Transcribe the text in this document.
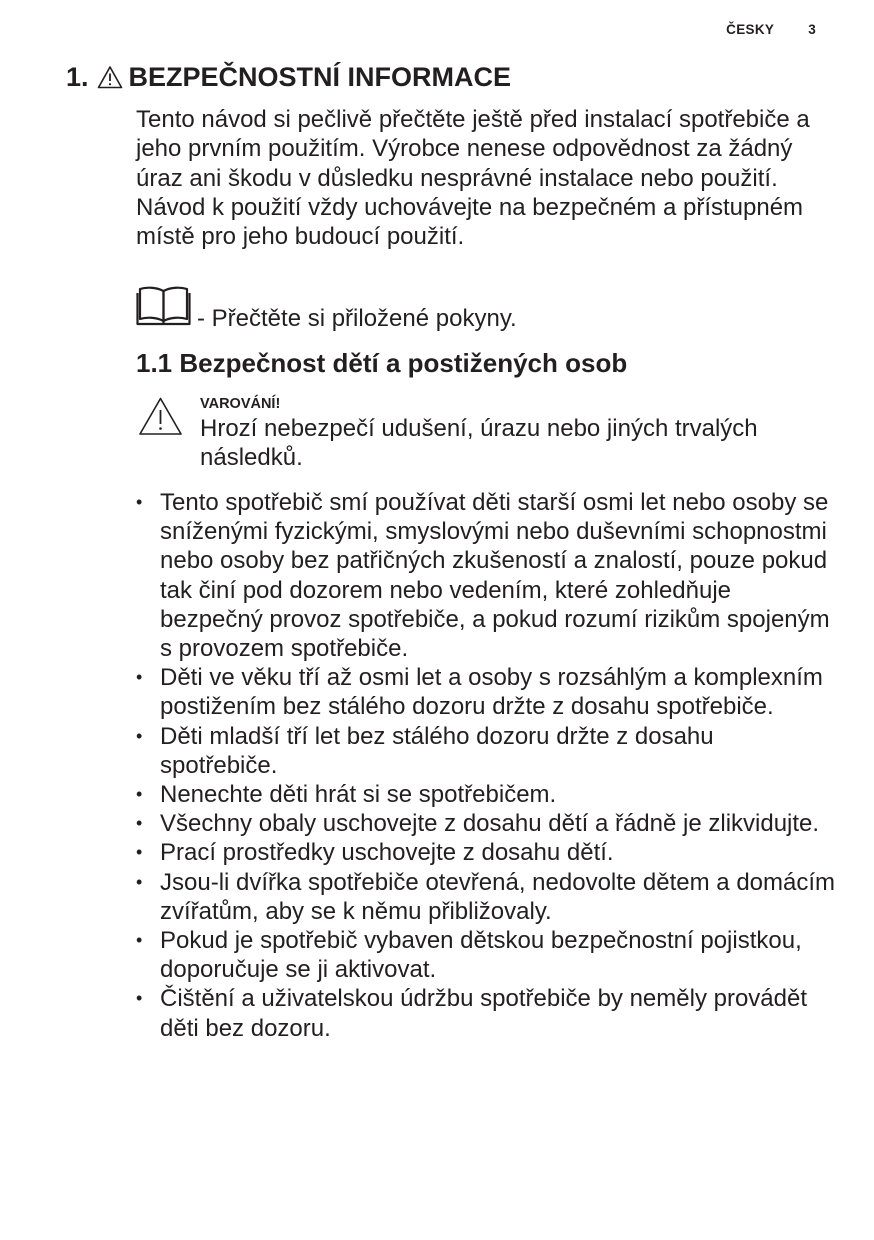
ČESKY	3
1. BEZPEČNOSTNÍ INFORMACE
Tento návod si pečlivě přečtěte ještě před instalací spotřebiče a jeho prvním použitím. Výrobce nenese odpovědnost za žádný úraz ani škodu v důsledku nesprávné instalace nebo použití. Návod k použití vždy uchovávejte na bezpečném a přístupném místě pro jeho budoucí použití.
- Přečtěte si přiložené pokyny.
1.1 Bezpečnost dětí a postižených osob
VAROVÁNÍ!
Hrozí nebezpečí udušení, úrazu nebo jiných trvalých následků.
• Tento spotřebič smí používat děti starší osmi let nebo osoby se sníženými fyzickými, smyslovými nebo duševními schopnostmi nebo osoby bez patřičných zkušeností a znalostí, pouze pokud tak činí pod dozorem nebo vedením, které zohledňuje bezpečný provoz spotřebiče, a pokud rozumí rizikům spojeným s provozem spotřebiče.
• Děti ve věku tří až osmi let a osoby s rozsáhlým a komplexním postižením bez stálého dozoru držte z dosahu spotřebiče.
• Děti mladší tří let bez stálého dozoru držte z dosahu spotřebiče.
• Nenechte děti hrát si se spotřebičem.
• Všechny obaly uschovejte z dosahu dětí a řádně je zlikvidujte.
• Prací prostředky uschovejte z dosahu dětí.
• Jsou-li dvířka spotřebiče otevřená, nedovolte dětem a domácím zvířatům, aby se k němu přibližovaly.
• Pokud je spotřebič vybaven dětskou bezpečnostní pojistkou, doporučuje se ji aktivovat.
• Čištění a uživatelskou údržbu spotřebiče by neměly provádět děti bez dozoru.
